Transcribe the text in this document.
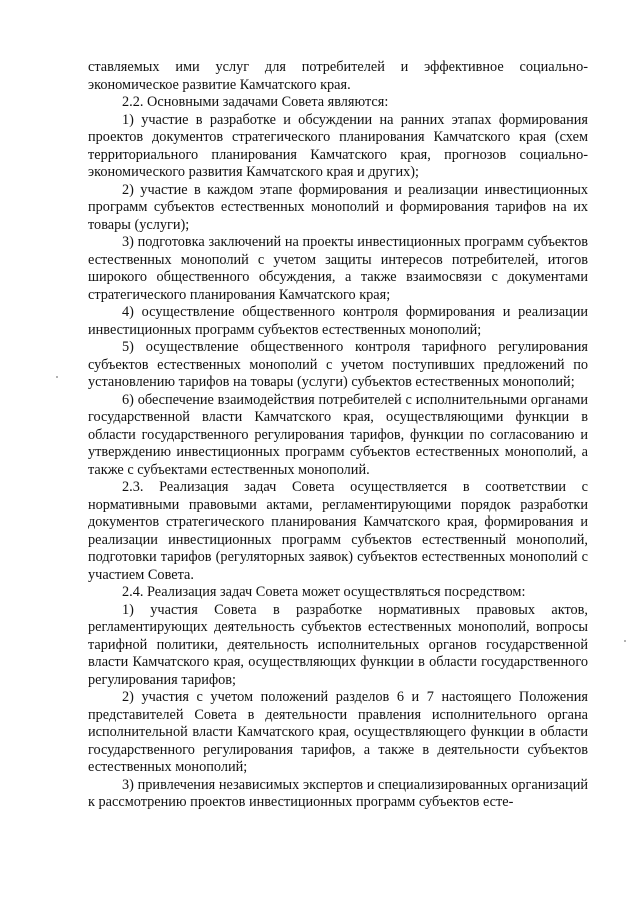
ставляемых ими услуг для потребителей и эффективное социально-экономическое развитие Камчатского края.

2.2. Основными задачами Совета являются:

1) участие в разработке и обсуждении на ранних этапах формирования проектов документов стратегического планирования Камчатского края (схем территориального планирования Камчатского края, прогнозов социально-экономического развития Камчатского края и других);

2) участие в каждом этапе формирования и реализации инвестиционных программ субъектов естественных монополий и формирования тарифов на их товары (услуги);

3) подготовка заключений на проекты инвестиционных программ субъектов естественных монополий с учетом защиты интересов потребителей, итогов широкого общественного обсуждения, а также взаимосвязи с документами стратегического планирования Камчатского края;

4) осуществление общественного контроля формирования и реализации инвестиционных программ субъектов естественных монополий;

5) осуществление общественного контроля тарифного регулирования субъектов естественных монополий с учетом поступивших предложений по установлению тарифов на товары (услуги) субъектов естественных монополий;

6) обеспечение взаимодействия потребителей с исполнительными органами государственной власти Камчатского края, осуществляющими функции в области государственного регулирования тарифов, функции по согласованию и утверждению инвестиционных программ субъектов естественных монополий, а также с субъектами естественных монополий.

2.3. Реализация задач Совета осуществляется в соответствии с нормативными правовыми актами, регламентирующими порядок разработки документов стратегического планирования Камчатского края, формирования и реализации инвестиционных программ субъектов естественный монополий, подготовки тарифов (регуляторных заявок) субъектов естественных монополий с участием Совета.

2.4. Реализация задач Совета может осуществляться посредством:

1) участия Совета в разработке нормативных правовых актов, регламентирующих деятельность субъектов естественных монополий, вопросы тарифной политики, деятельность исполнительных органов государственной власти Камчатского края, осуществляющих функции в области государственного регулирования тарифов;

2) участия с учетом положений разделов 6 и 7 настоящего Положения представителей Совета в деятельности правления исполнительного органа исполнительной власти Камчатского края, осуществляющего функции в области государственного регулирования тарифов, а также в деятельности субъектов естественных монополий;

3) привлечения независимых экспертов и специализированных организаций к рассмотрению проектов инвестиционных программ субъектов есте-
